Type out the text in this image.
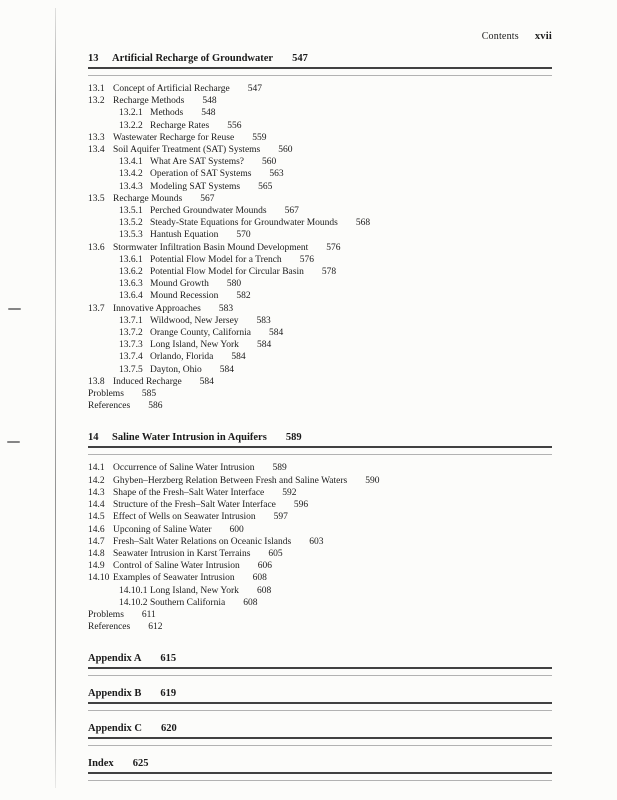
Contents xvii
13	Artificial Recharge of Groundwater 547
13.1 Concept of Artificial Recharge 547
13.2 Recharge Methods 548
13.2.1 Methods 548
13.2.2 Recharge Rates 556
13.3 Wastewater Recharge for Reuse 559
13.4 Soil Aquifer Treatment (SAT) Systems 560
13.4.1 What Are SAT Systems? 560
13.4.2 Operation of SAT Systems 563
13.4.3 Modeling SAT Systems 565
13.5 Recharge Mounds 567
13.5.1 Perched Groundwater Mounds 567
13.5.2 Steady-State Equations for Groundwater Mounds 568
13.5.3 Hantush Equation 570
13.6 Stormwater Infiltration Basin Mound Development 576
13.6.1 Potential Flow Model for a Trench 576
13.6.2 Potential Flow Model for Circular Basin 578
13.6.3 Mound Growth 580
13.6.4 Mound Recession 582
13.7 Innovative Approaches 583
13.7.1 Wildwood, New Jersey 583
13.7.2 Orange County, California 584
13.7.3 Long Island, New York 584
13.7.4 Orlando, Florida 584
13.7.5 Dayton, Ohio 584
13.8 Induced Recharge 584
Problems 585
References 586
14	Saline Water Intrusion in Aquifers 589
14.1 Occurrence of Saline Water Intrusion 589
14.2 Ghyben–Herzberg Relation Between Fresh and Saline Waters 590
14.3 Shape of the Fresh–Salt Water Interface 592
14.4 Structure of the Fresh–Salt Water Interface 596
14.5 Effect of Wells on Seawater Intrusion 597
14.6 Upconing of Saline Water 600
14.7 Fresh–Salt Water Relations on Oceanic Islands 603
14.8 Seawater Intrusion in Karst Terrains 605
14.9 Control of Saline Water Intrusion 606
14.10 Examples of Seawater Intrusion 608
14.10.1 Long Island, New York 608
14.10.2 Southern California 608
Problems 611
References 612
Appendix A 615
Appendix B 619
Appendix C 620
Index 625
